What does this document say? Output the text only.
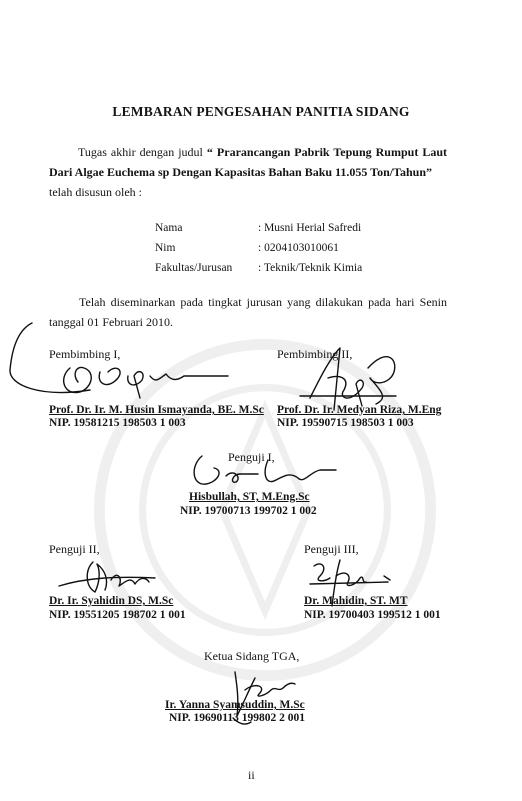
LEMBARAN PENGESAHAN PANITIA SIDANG
Tugas akhir dengan judul “ Prarancangan Pabrik Tepung Rumput Laut Dari Algae Euchema sp Dengan Kapasitas Bahan Baku 11.055 Ton/Tahun”
telah disusun oleh :
Nama	: Musni Herial Safredi
Nim	: 0204103010061
Fakultas/Jurusan : Teknik/Teknik Kimia
Telah diseminarkan pada tingkat jurusan yang dilakukan pada hari Senin tanggal 01 Februari 2010.
Pembimbing I,
Prof. Dr. Ir. M. Husin Ismayanda, BE. M.Sc
NIP. 19581215 198503 1 003
Pembimbing II,
Prof. Dr. Ir. Medyan Riza, M.Eng
NIP. 19590715 198503 1 003
Penguji I,
Hisbullah, ST, M.Eng.Sc
NIP. 19700713 199702 1 002
Penguji II,
Dr. Ir. Syahidin DS, M.Sc
NIP. 19551205 198702 1 001
Penguji III,
Dr. Mahidin, ST. MT
NIP. 19700403 199512 1 001
Ketua Sidang TGA,
Ir. Yanna Syamsuddin, M.Sc
NIP. 19690113 199802 2 001
ii
